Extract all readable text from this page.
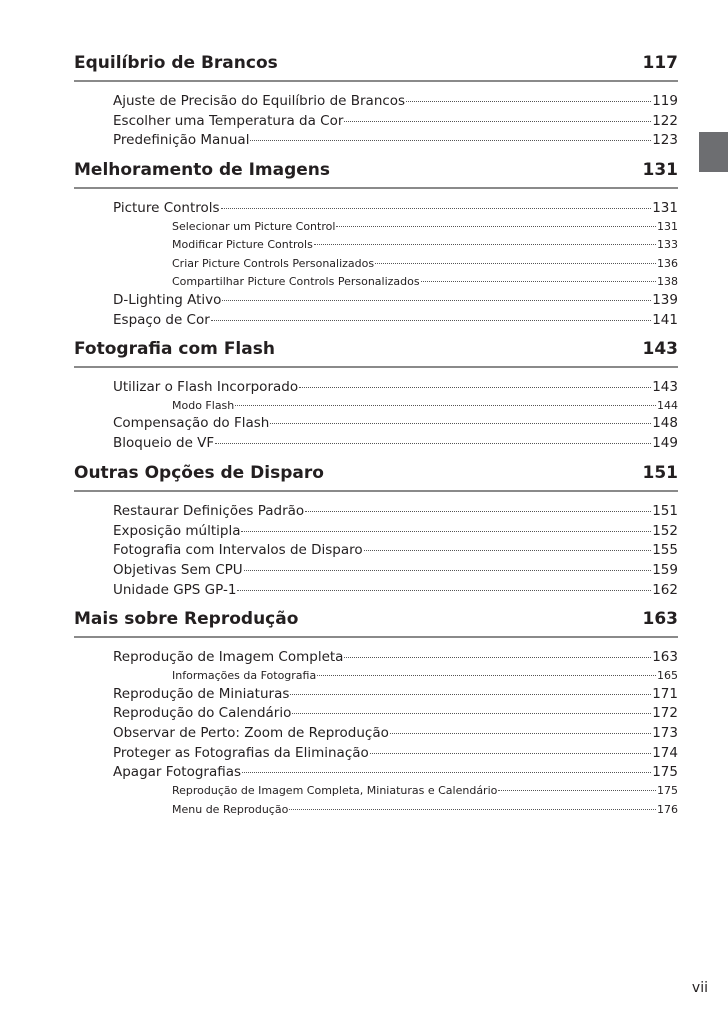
Equilíbrio de Brancos	117
Ajuste de Precisão do Equilíbrio de Brancos	119
Escolher uma Temperatura da Cor	122
Predefinição Manual	123
Melhoramento de Imagens	131
Picture Controls	131
Selecionar um Picture Control	131
Modificar Picture Controls	133
Criar Picture Controls Personalizados	136
Compartilhar Picture Controls Personalizados	138
D-Lighting Ativo	139
Espaço de Cor	141
Fotografia com Flash	143
Utilizar o Flash Incorporado	143
Modo Flash	144
Compensação do Flash	148
Bloqueio de VF	149
Outras Opções de Disparo	151
Restaurar Definições Padrão	151
Exposição múltipla	152
Fotografia com Intervalos de Disparo	155
Objetivas Sem CPU	159
Unidade GPS GP-1	162
Mais sobre Reprodução	163
Reprodução de Imagem Completa	163
Informações da Fotografia	165
Reprodução de Miniaturas	171
Reprodução do Calendário	172
Observar de Perto: Zoom de Reprodução	173
Proteger as Fotografias da Eliminação	174
Apagar Fotografias	175
Reprodução de Imagem Completa, Miniaturas e Calendário	175
Menu de Reprodução	176
vii
